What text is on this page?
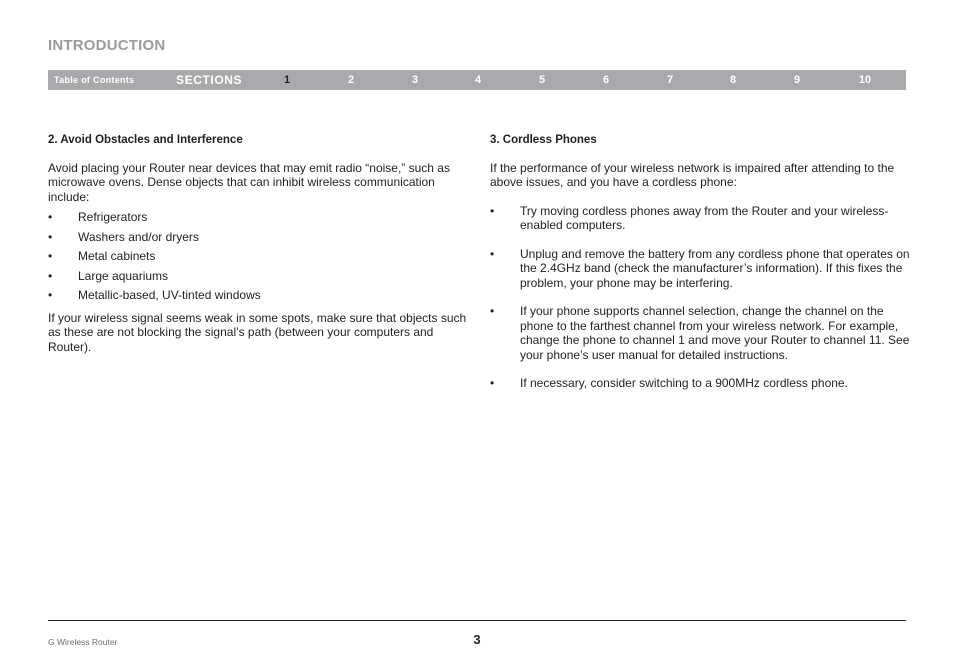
INTRODUCTION
Table of Contents	SECTIONS	1	2	3	4	5	6	7	8	9	10
2. Avoid Obstacles and Interference

Avoid placing your Router near devices that may emit radio “noise,” such as microwave ovens. Dense objects that can inhibit wireless communication include:

• Refrigerators
• Washers and/or dryers
• Metal cabinets
• Large aquariums
• Metallic-based, UV-tinted windows

If your wireless signal seems weak in some spots, make sure that objects such as these are not blocking the signal’s path (between your computers and Router).

3. Cordless Phones

If the performance of your wireless network is impaired after attending to the above issues, and you have a cordless phone:

• Try moving cordless phones away from the Router and your wireless-enabled computers.
• Unplug and remove the battery from any cordless phone that operates on the 2.4GHz band (check the manufacturer’s information). If this fixes the problem, your phone may be interfering.
• If your phone supports channel selection, change the channel on the phone to the farthest channel from your wireless network. For example, change the phone to channel 1 and move your Router to channel 11. See your phone’s user manual for detailed instructions.
• If necessary, consider switching to a 900MHz cordless phone.
G Wireless Router	3
